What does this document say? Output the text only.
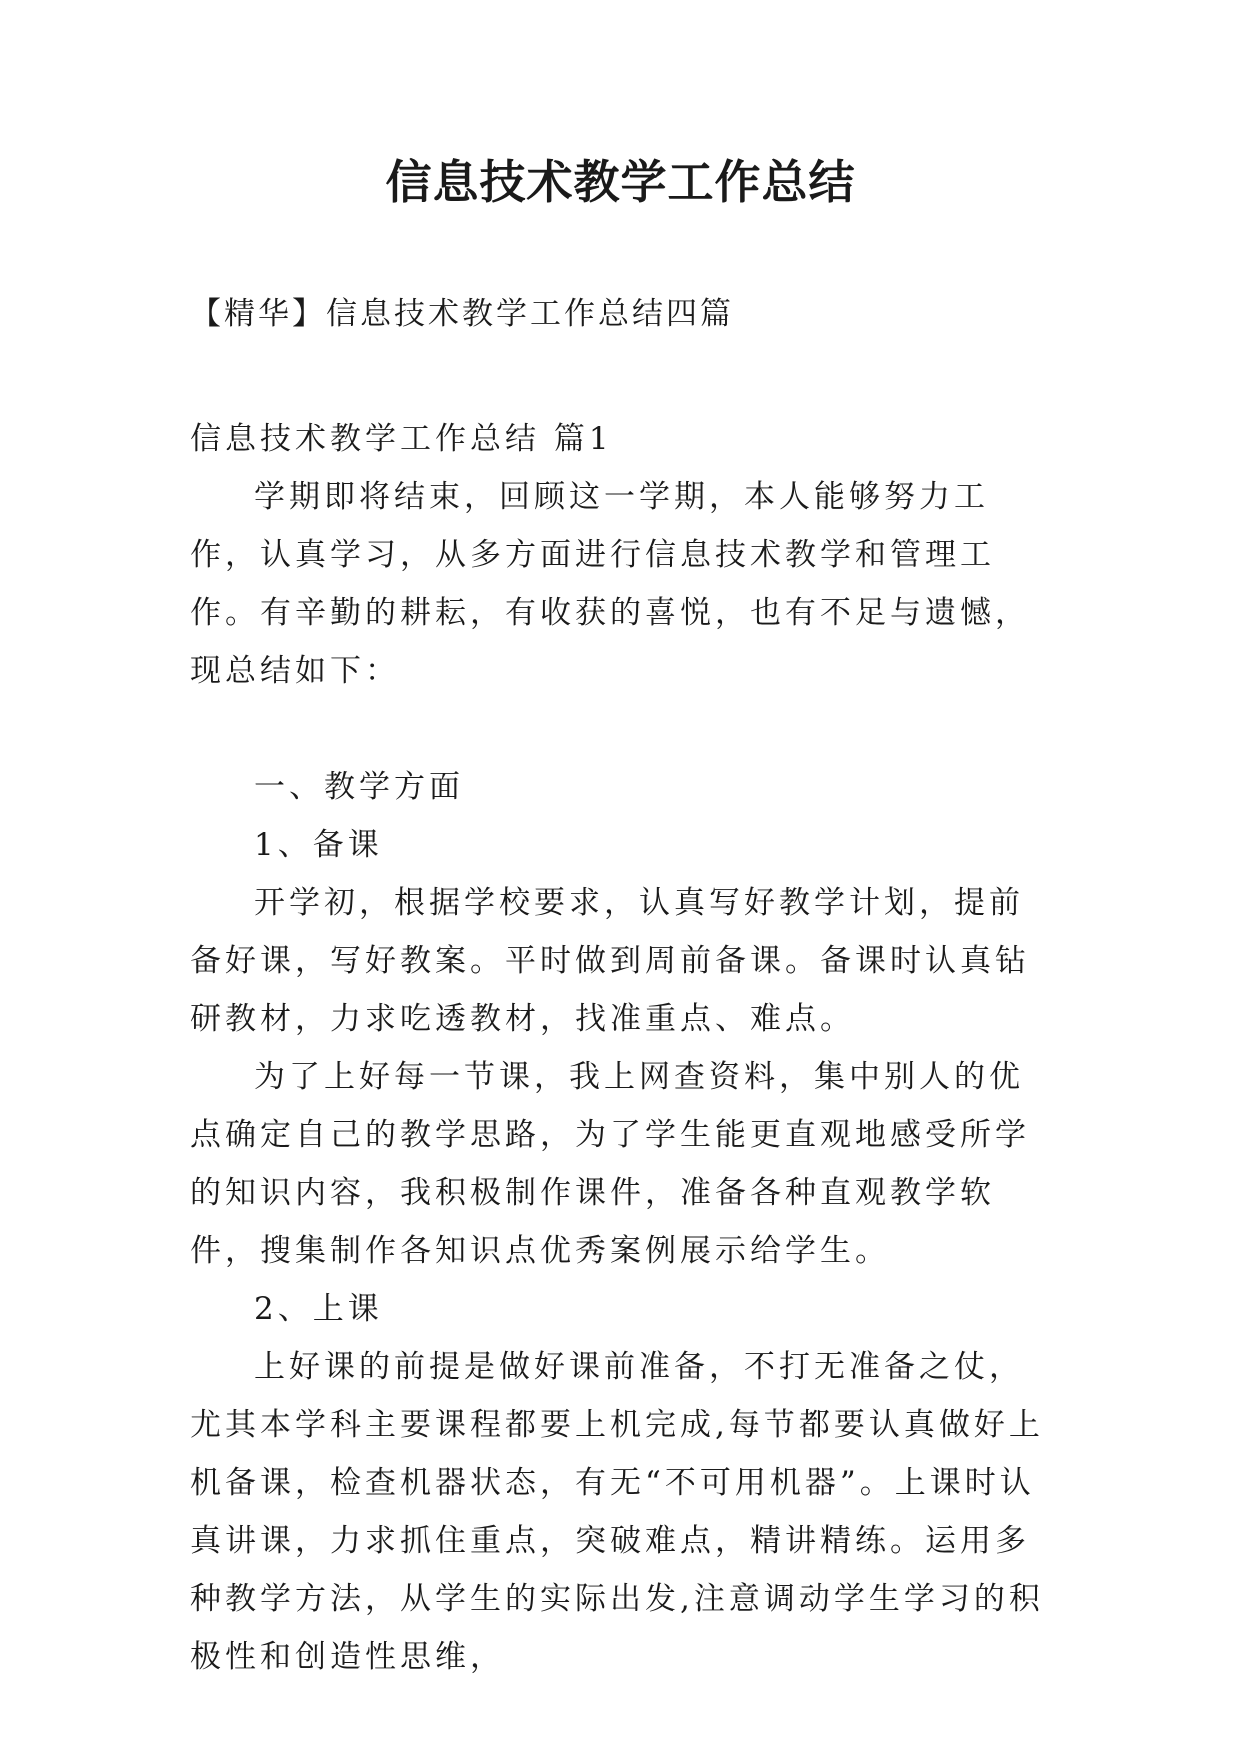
信息技术教学工作总结

【精华】信息技术教学工作总结四篇

信息技术教学工作总结 篇1

学期即将结束，回顾这一学期，本人能够努力工作，认真学习，从多方面进行信息技术教学和管理工作。有辛勤的耕耘，有收获的喜悦，也有不足与遗憾，现总结如下：

一、教学方面

1、备课

开学初，根据学校要求，认真写好教学计划，提前备好课，写好教案。平时做到周前备课。备课时认真钻研教材，力求吃透教材，找准重点、难点。

为了上好每一节课，我上网查资料，集中别人的优点确定自己的教学思路，为了学生能更直观地感受所学的知识内容，我积极制作课件，准备各种直观教学软件，搜集制作各知识点优秀案例展示给学生。

2、上课

上好课的前提是做好课前准备，不打无准备之仗，尤其本学科主要课程都要上机完成,每节都要认真做好上机备课，检查机器状态，有无“不可用机器”。上课时认真讲课，力求抓住重点，突破难点，精讲精练。运用多种教学方法，从学生的实际出发,注意调动学生学习的积极性和创造性思维，
